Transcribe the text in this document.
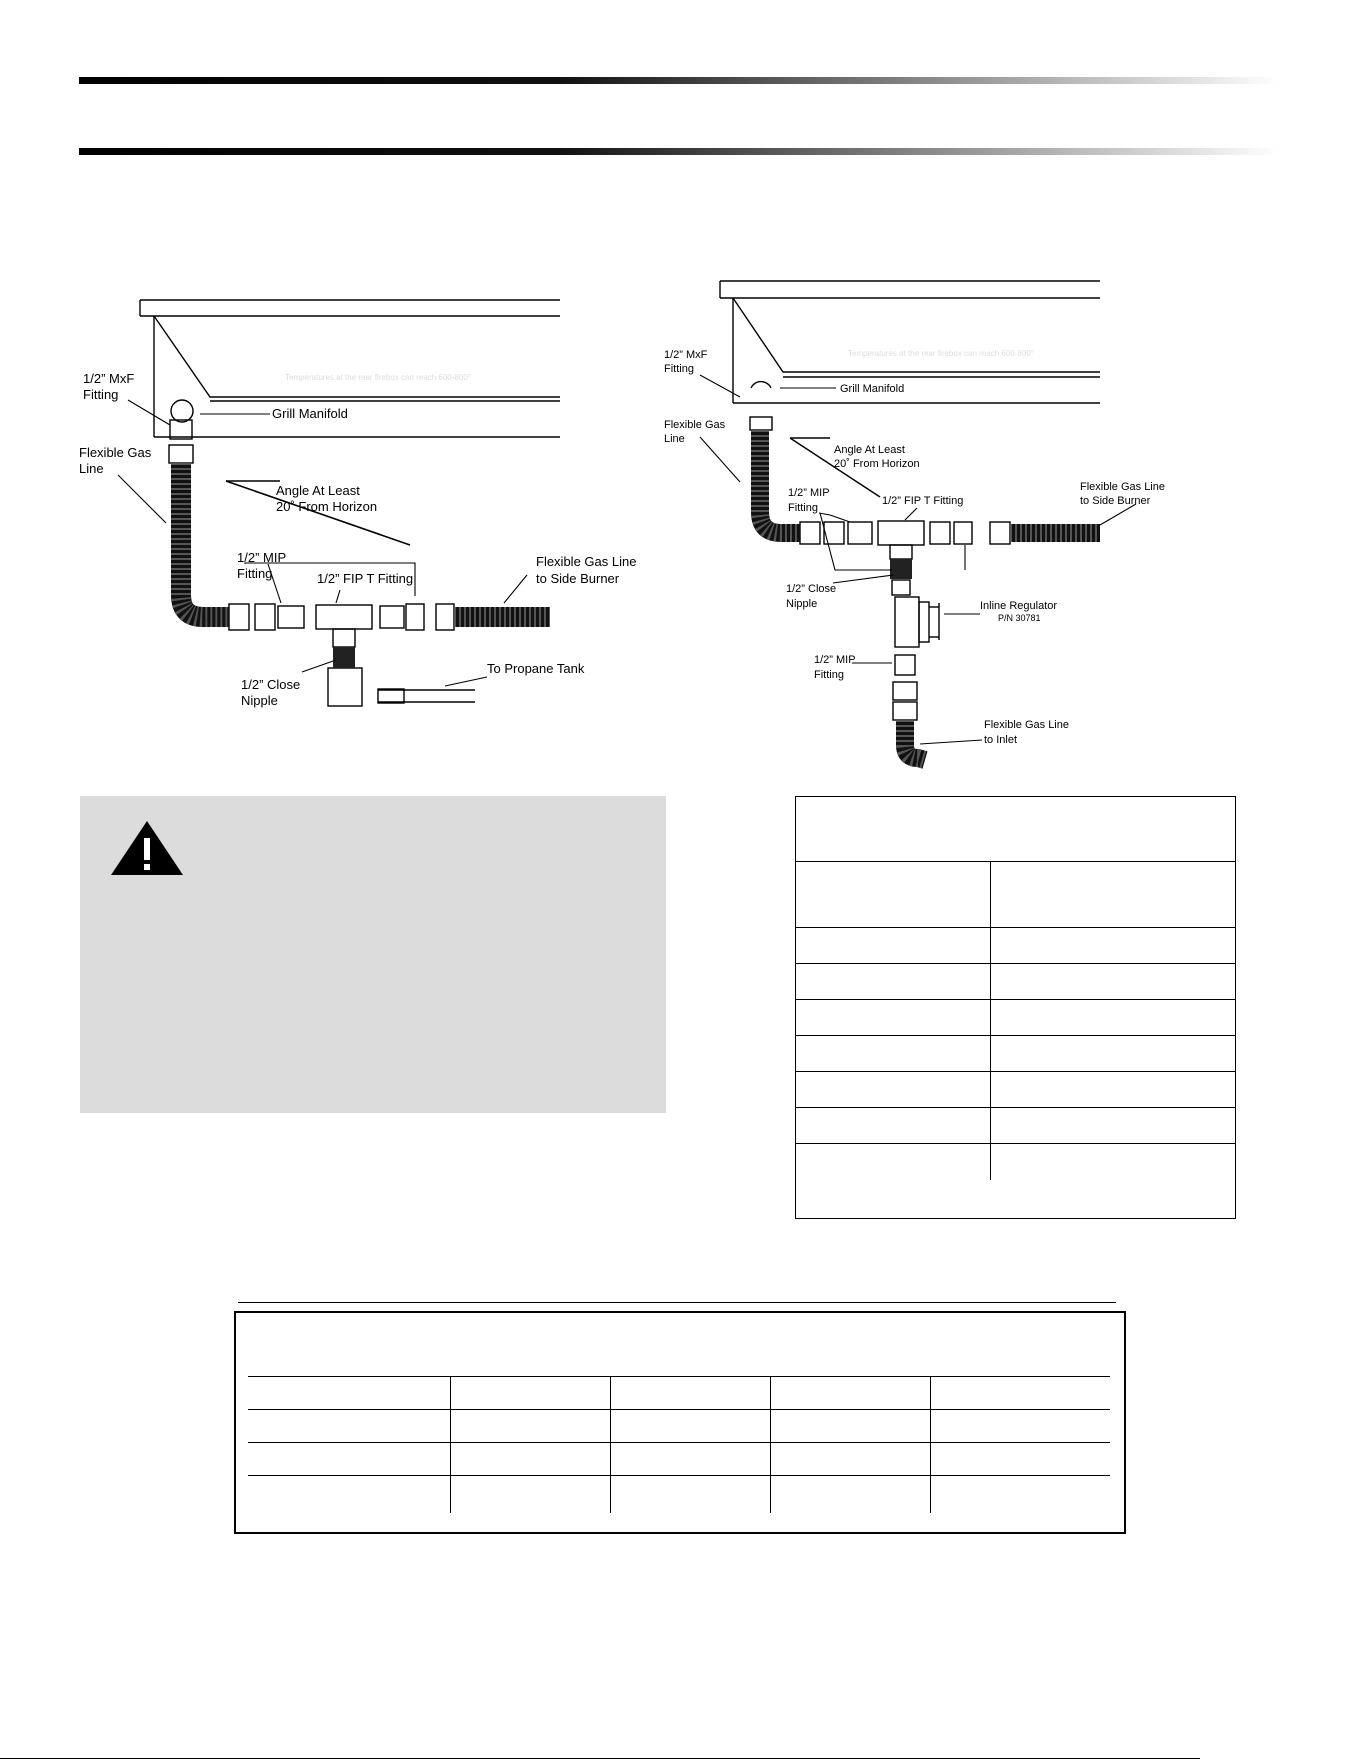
Temperatures at the rear firebox can reach 600-800°
1/2” MxF
Fitting
Grill Manifold
Flexible Gas
Line
Angle At Least
20˚ From Horizon
1/2” MIP
Fitting	1/2” FIP T Fitting
Flexible Gas Line
to Side Burner
1/2” Close
Nipple
To Propane Tank
Temperatures at the rear firebox can reach 600-800°
1/2” MxF
Fitting
Grill Manifold
Flexible Gas
Line
Angle At Least
20˚ From Horizon
1/2” MIP
Fitting
1/2” FIP T Fitting
Flexible Gas Line
to Side Burner
1/2” Close
Nipple	Inline Regulator
P/N 30781
1/2” MIP
Fitting
Flexible Gas Line
to Inlet
